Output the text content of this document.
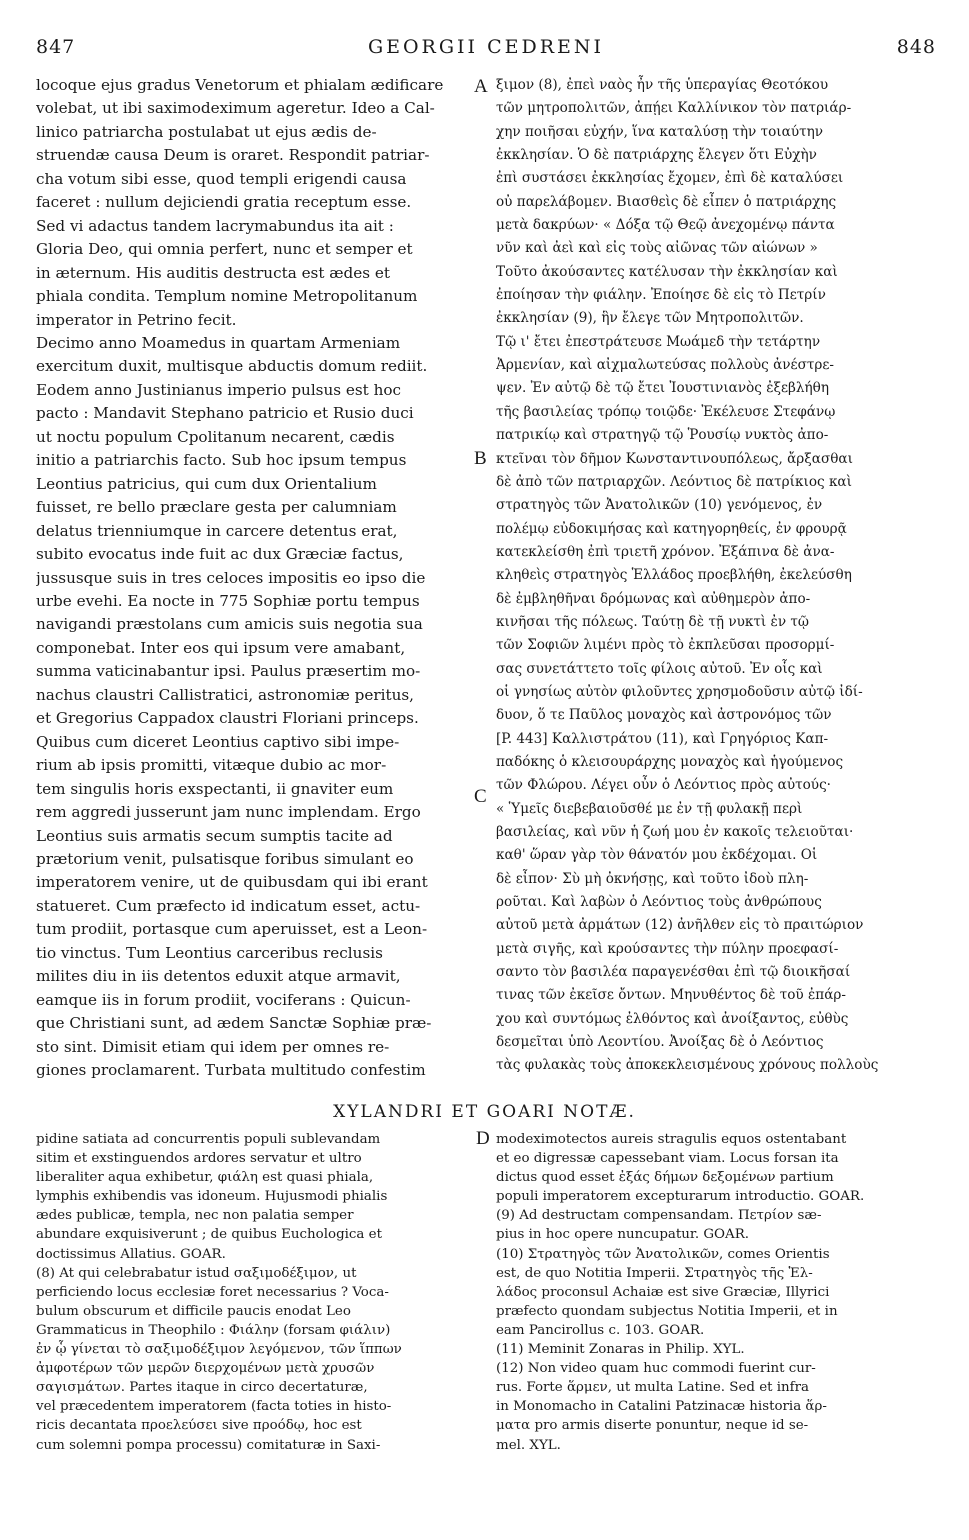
847	GEORGII CEDRENI	848
locoque ejus gradus Venetorum et phialam ædificare
volebat, ut ibi saximodeximum ageretur. Ideo a Cal-
linico patriarcha postulabat ut ejus ædis de-
struendæ causa Deum is oraret. Respondit patriar-
cha votum sibi esse, quod templi erigendi causa
faceret : nullum dejiciendi gratia receptum esse.
Sed vi adactus tandem lacrymabundus ita ait :
Gloria Deo, qui omnia perfert, nunc et semper et
in æternum. His auditis destructa est ædes et
phiala condita. Templum nomine Metropolitanum
imperator in Petrino fecit.
Decimo anno Moamedus in quartam Armeniam
exercitum duxit, multisque abductis domum rediit.
Eodem anno Justinianus imperio pulsus est hoc
pacto : Mandavit Stephano patricio et Rusio duci
ut noctu populum Cpolitanum necarent, cædis
initio a patriarchis facto. Sub hoc ipsum tempus
Leontius patricius, qui cum dux Orientalium
fuisset, re bello præclare gesta per calumniam
delatus trienniumque in carcere detentus erat,
subito evocatus inde fuit ac dux Græciæ factus,
jussusque suis in tres celoces impositis eo ipso die
urbe evehi. Ea nocte in 775 Sophiæ portu tempus
navigandi præstolans cum amicis suis negotia sua
componebat. Inter eos qui ipsum vere amabant,
summa vaticinabantur ipsi. Paulus præsertim mo-
nachus claustri Callistratici, astronomiæ peritus,
et Gregorius Cappadox claustri Floriani princeps.
Quibus cum diceret Leontius captivo sibi impe-
rium ab ipsis promitti, vitæque dubio ac mor-
tem singulis horis exspectanti, ii gnaviter eum
rem aggredi jusserunt jam nunc implendam. Ergo
Leontius suis armatis secum sumptis tacite ad
prætorium venit, pulsatisque foribus simulant eo
imperatorem venire, ut de quibusdam qui ibi erant
statueret. Cum præfecto id indicatum esset, actu-
tum prodiit, portasque cum aperuisset, est a Leon-
tio vinctus. Tum Leontius carceribus reclusis
milites diu in iis detentos eduxit atque armavit,
eamque iis in forum prodiit, vociferans : Quicun-
que Christiani sunt, ad ædem Sanctæ Sophiæ præ-
sto sint. Dimisit etiam qui idem per omnes re-
giones proclamarent. Turbata multitudo confestim
ξιμον (8), ἐπεὶ ναὸς ἦν τῆς ὑπεραγίας Θεοτόκου
τῶν μητροπολιτῶν, ἀπῄει Καλλίνικον τὸν πατριάρ-
χην ποιῆσαι εὐχήν, ἵνα καταλύσῃ τὴν τοιαύτην
ἐκκλησίαν. Ὁ δὲ πατριάρχης ἔλεγεν ὅτι Εὐχὴν
ἐπὶ συστάσει ἐκκλησίας ἔχομεν, ἐπὶ δὲ καταλύσει
οὐ παρελάβομεν. Βιασθεὶς δὲ εἶπεν ὁ πατριάρχης
μετὰ δακρύων· « Δόξα τῷ Θεῷ ἀνεχομένῳ πάντα
νῦν καὶ ἀεὶ καὶ εἰς τοὺς αἰῶνας τῶν αἰώνων »
Τοῦτο ἀκούσαντες κατέλυσαν τὴν ἐκκλησίαν καὶ
ἐποίησαν τὴν φιάλην. Ἐποίησε δὲ εἰς τὸ Πετρίν
ἐκκλησίαν (9), ἣν ἔλεγε τῶν Μητροπολιτῶν.
Τῷ ι' ἔτει ἐπεστράτευσε Μωάμεδ τὴν τετάρτην
Ἀρμενίαν, καὶ αἰχμαλωτεύσας πολλοὺς ἀνέστρε-
ψεν. Ἐν αὐτῷ δὲ τῷ ἔτει Ἰουστινιανὸς ἐξεβλήθη
τῆς βασιλείας τρόπῳ τοιῷδε· Ἐκέλευσε Στεφάνῳ
πατρικίῳ καὶ στρατηγῷ τῷ Ῥουσίῳ νυκτὸς ἀπο-
κτεῖναι τὸν δῆμον Κωνσταντινουπόλεως, ἄρξασθαι
δὲ ἀπὸ τῶν πατριαρχῶν. Λεόντιος δὲ πατρίκιος καὶ
στρατηγὸς τῶν Ἀνατολικῶν (10) γενόμενος, ἐν
πολέμῳ εὐδοκιμήσας καὶ κατηγορηθείς, ἐν φρουρᾷ
κατεκλείσθη ἐπὶ τριετῆ χρόνον. Ἐξάπινα δὲ ἀνα-
κληθεὶς στρατηγὸς Ἑλλάδος προεβλήθη, ἐκελεύσθη
δὲ ἐμβληθῆναι δρόμωνας καὶ αὐθημερὸν ἀπο-
κινῆσαι τῆς πόλεως. Ταύτῃ δὲ τῇ νυκτὶ ἐν τῷ
τῶν Σοφιῶν λιμένι πρὸς τὸ ἐκπλεῦσαι προσορμί-
σας συνετάττετο τοῖς φίλοις αὐτοῦ. Ἐν οἷς καὶ
οἱ γνησίως αὐτὸν φιλοῦντες χρησμοδοῦσιν αὐτῷ ἰδί-
δυον, ὅ τε Παῦλος μοναχὸς καὶ ἀστρονόμος τῶν
[P. 443] Καλλιστράτου (11), καὶ Γρηγόριος Καπ-
παδόκης ὁ κλεισουράρχης μοναχὸς καὶ ἡγούμενος
τῶν Φλώρου. Λέγει οὖν ὁ Λεόντιος πρὸς αὐτούς·
« Ὑμεῖς διεβεβαιοῦσθέ με ἐν τῇ φυλακῇ περὶ
βασιλείας, καὶ νῦν ἡ ζωή μου ἐν κακοῖς τελειοῦται·
καθ' ὥραν γὰρ τὸν θάνατόν μου ἐκδέχομαι. Οἱ
δὲ εἶπον· Σὺ μὴ ὀκνήσῃς, καὶ τοῦτο ἰδοὺ πλη-
ροῦται. Καὶ λαβὼν ὁ Λεόντιος τοὺς ἀνθρώπους
αὐτοῦ μετὰ ἀρμάτων (12) ἀνῆλθεν εἰς τὸ πραιτώριον
μετὰ σιγῆς, καὶ κρούσαντες τὴν πύλην προεφασί-
σαντο τὸν βασιλέα παραγενέσθαι ἐπὶ τῷ διοικῆσαί
τινας τῶν ἐκεῖσε ὄντων. Μηνυθέντος δὲ τοῦ ἐπάρ-
χου καὶ συντόμως ἐλθόντος καὶ ἀνοίξαντος, εὐθὺς
δεσμεῖται ὑπὸ Λεοντίου. Ἀνοίξας δὲ ὁ Λεόντιος
τὰς φυλακὰς τοὺς ἀποκεκλεισμένους χρόνους πολλοὺς
A
B
C
D
XYLANDRI ET GOARI NOTÆ.
pidine satiata ad concurrentis populi sublevandam
sitim et exstinguendos ardores servatur et ultro
liberaliter aqua exhibetur, φιάλη est quasi phiala,
lymphis exhibendis vas idoneum. Hujusmodi phialis
ædes publicæ, templa, nec non palatia semper
abundare exquisiverunt ; de quibus Euchologica et
doctissimus Allatius. GOAR.
(8) At qui celebrabatur istud σαξιμοδέξιμον, ut
perficiendo locus ecclesiæ foret necessarius ? Voca-
bulum obscurum et difficile paucis enodat Leo
Grammaticus in Theophilo : Φιάλην (forsam φιάλιν)
ἐν ᾧ γίνεται τὸ σαξιμοδέξιμον λεγόμενον, τῶν ἵππων
ἀμφοτέρων τῶν μερῶν διερχομένων μετὰ χρυσῶν
σαγισμάτων. Partes itaque in circo decertaturæ,
vel præcedentem imperatorem (facta toties in histo-
ricis decantata προελεύσει sive προόδῳ, hoc est
cum solemni pompa processu) comitaturæ in Saxi-
modeximotectos aureis stragulis equos ostentabant
et eo digressæ capessebant viam. Locus forsan ita
dictus quod esset ἐξάς δήμων δεξομένων partium
populi imperatorem excepturarum introductio. GOAR.
(9) Ad destructam compensandam. Πετρίον sæ-
pius in hoc opere nuncupatur. GOAR.
(10) Στρατηγὸς τῶν Ἀνατολικῶν, comes Orientis
est, de quo Notitia Imperii. Στρατηγὸς τῆς Ἑλ-
λάδος proconsul Achaiæ est sive Græciæ, Illyrici
præfecto quondam subjectus Notitia Imperii, et in
eam Pancirollus c. 103. GOAR.
(11) Meminit Zonaras in Philip. XYL.
(12) Non video quam huc commodi fuerint cur-
rus. Forte ἅρμεν, ut multa Latine. Sed et infra
in Monomacho in Catalini Patzinacæ historia ἅρ-
ματα pro armis diserte ponuntur, neque id se-
mel. XYL.
